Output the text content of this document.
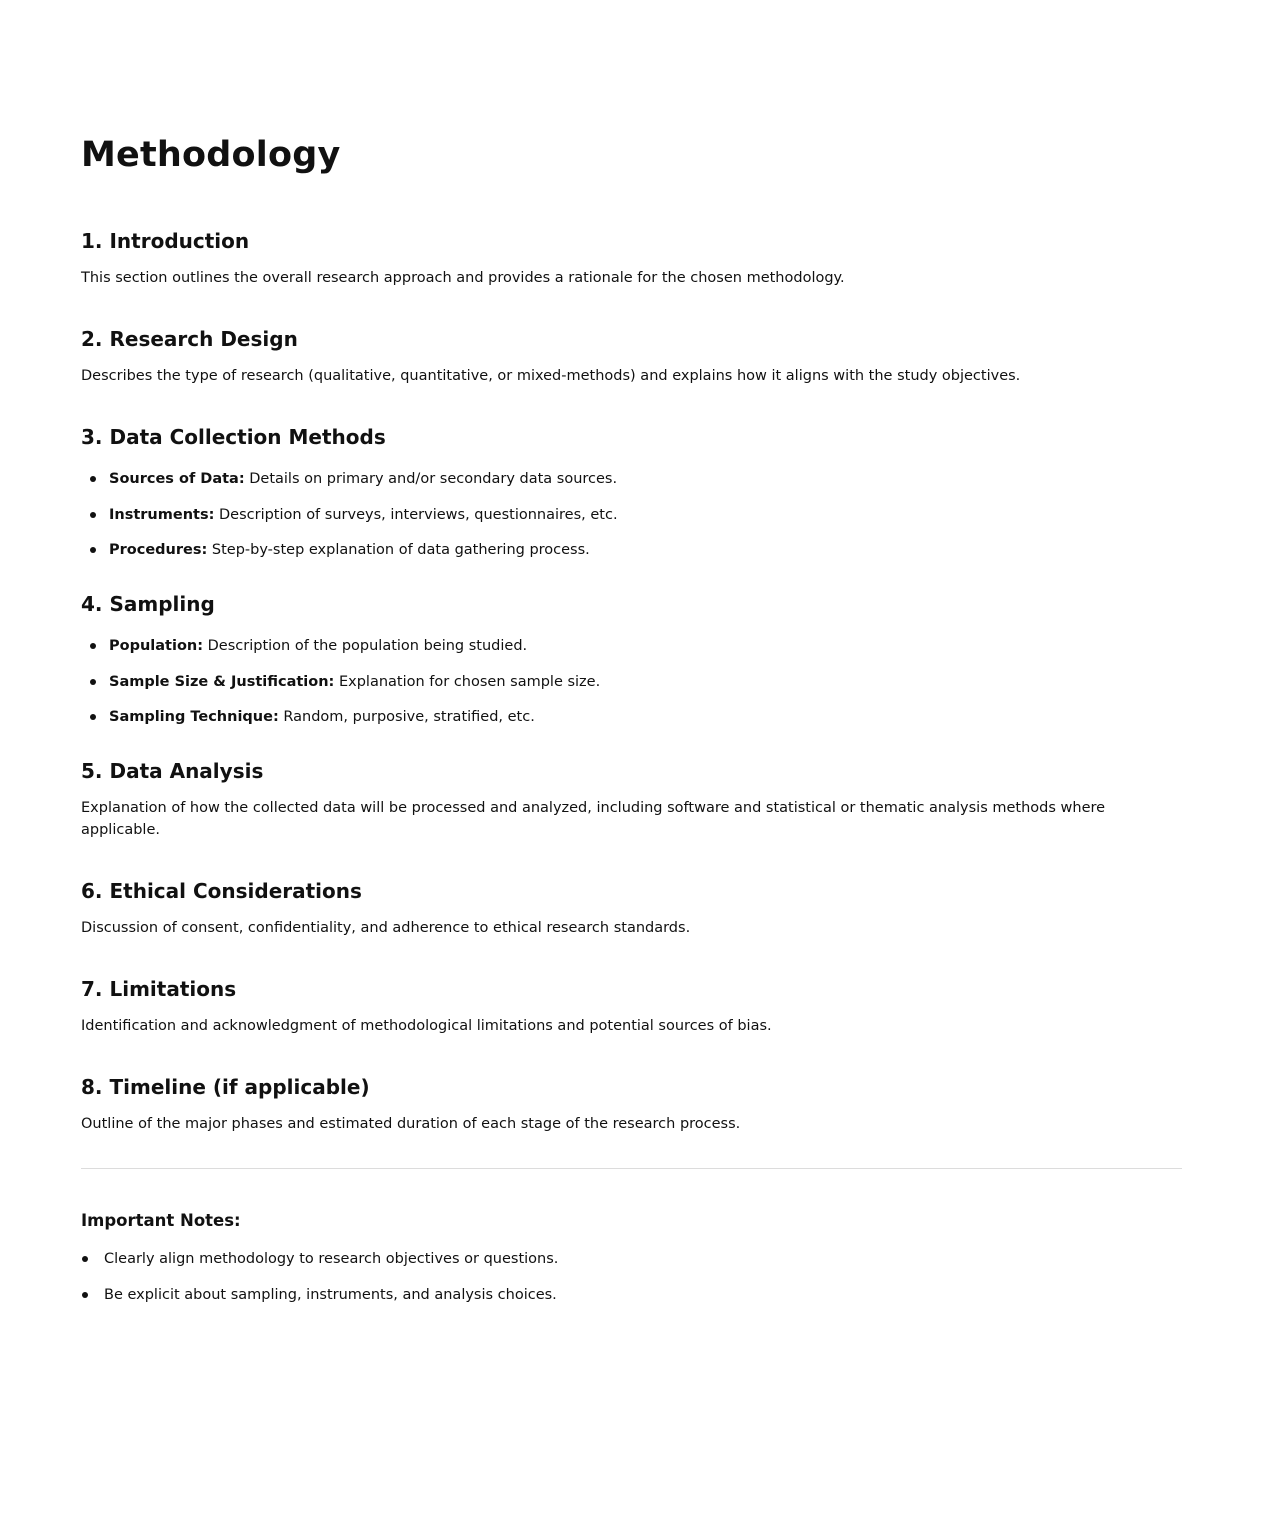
Methodology
1. Introduction

This section outlines the overall research approach and provides a rationale for the chosen methodology.

2. Research Design

Describes the type of research (qualitative, quantitative, or mixed-methods) and explains how it aligns with the study objectives.

3. Data Collection Methods
Sources of Data: Details on primary and/or secondary data sources.
Instruments: Description of surveys, interviews, questionnaires, etc.
Procedures: Step-by-step explanation of data gathering process.
4. Sampling
Population: Description of the population being studied.
Sample Size & Justification: Explanation for chosen sample size.
Sampling Technique: Random, purposive, stratified, etc.
5. Data Analysis

Explanation of how the collected data will be processed and analyzed, including software and statistical or thematic analysis methods where applicable.

6. Ethical Considerations

Discussion of consent, confidentiality, and adherence to ethical research standards.

7. Limitations

Identification and acknowledgment of methodological limitations and potential sources of bias.

8. Timeline (if applicable)

Outline of the major phases and estimated duration of each stage of the research process.

Important Notes:
Clearly align methodology to research objectives or questions.
Be explicit about sampling, instruments, and analysis choices.
